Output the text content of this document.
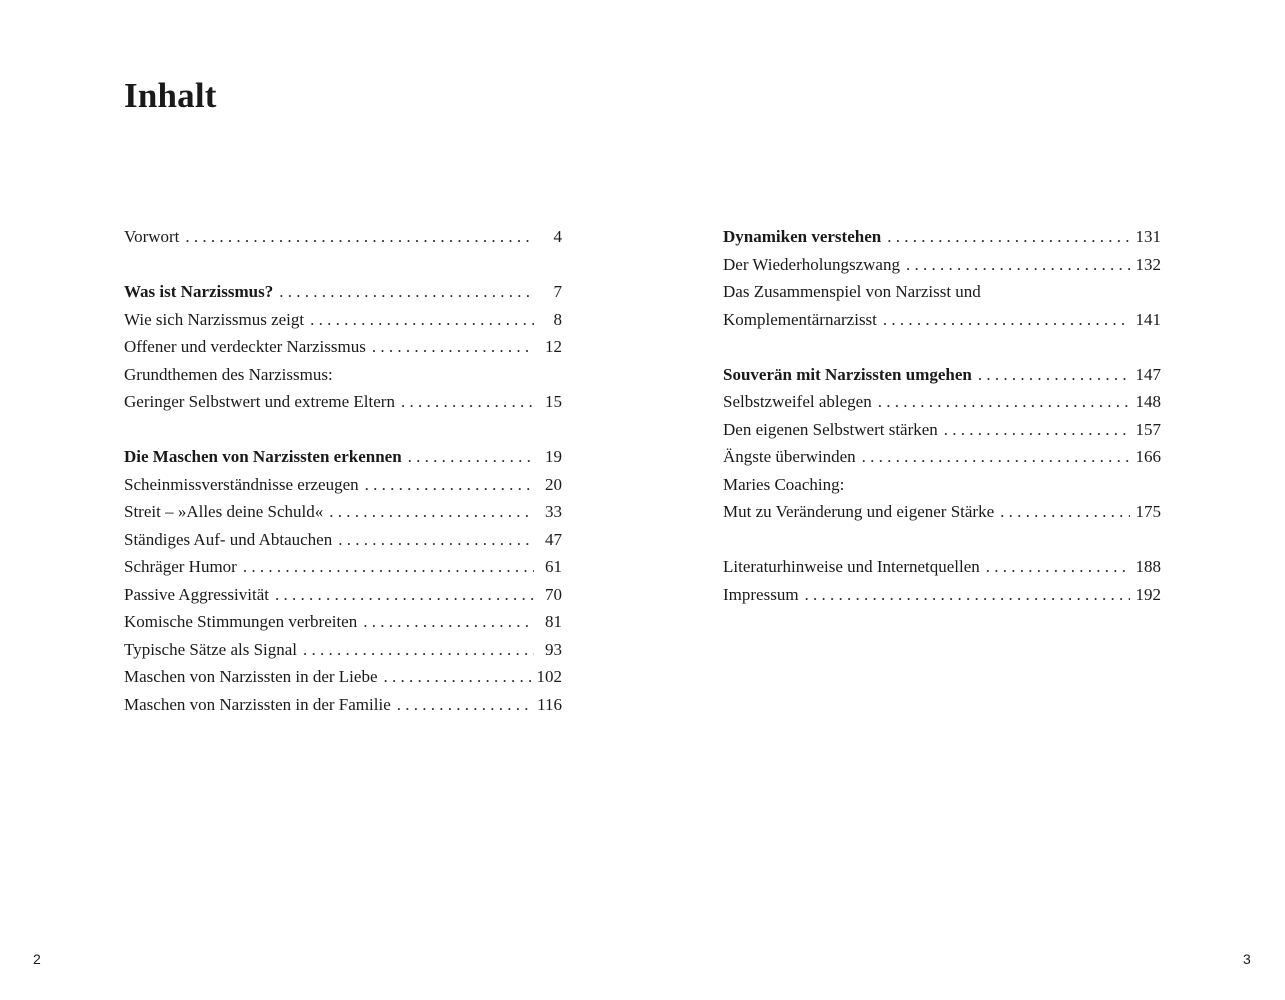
Inhalt
Vorwort . . .	4
Was ist Narzissmus? . . .	7
Wie sich Narzissmus zeigt . . .	8
Offener und verdeckter Narzissmus . . .	12
Grundthemen des Narzissmus:
Geringer Selbstwert und extreme Eltern . . .	15
Die Maschen von Narzissten erkennen . . .	19
Scheinmissverständnisse erzeugen . . .	20
Streit – »Alles deine Schuld« . . .	33
Ständiges Auf- und Abtauchen . . .	47
Schräger Humor . . .	61
Passive Aggressivität . . .	70
Komische Stimmungen verbreiten . . .	81
Typische Sätze als Signal . . .	93
Maschen von Narzissten in der Liebe . . .	102
Maschen von Narzissten in der Familie . . .	116
Dynamiken verstehen . . .	131
Der Wiederholungszwang . . .	132
Das Zusammenspiel von Narzisst und
Komplementärnarzisst . . .	141
Souverän mit Narzissten umgehen . . .	147
Selbstzweifel ablegen . . .	148
Den eigenen Selbstwert stärken . . .	157
Ängste überwinden . . .	166
Maries Coaching:
Mut zu Veränderung und eigener Stärke . . .	175
Literaturhinweise und Internetquellen . . .	188
Impressum . . .	192
2	3
